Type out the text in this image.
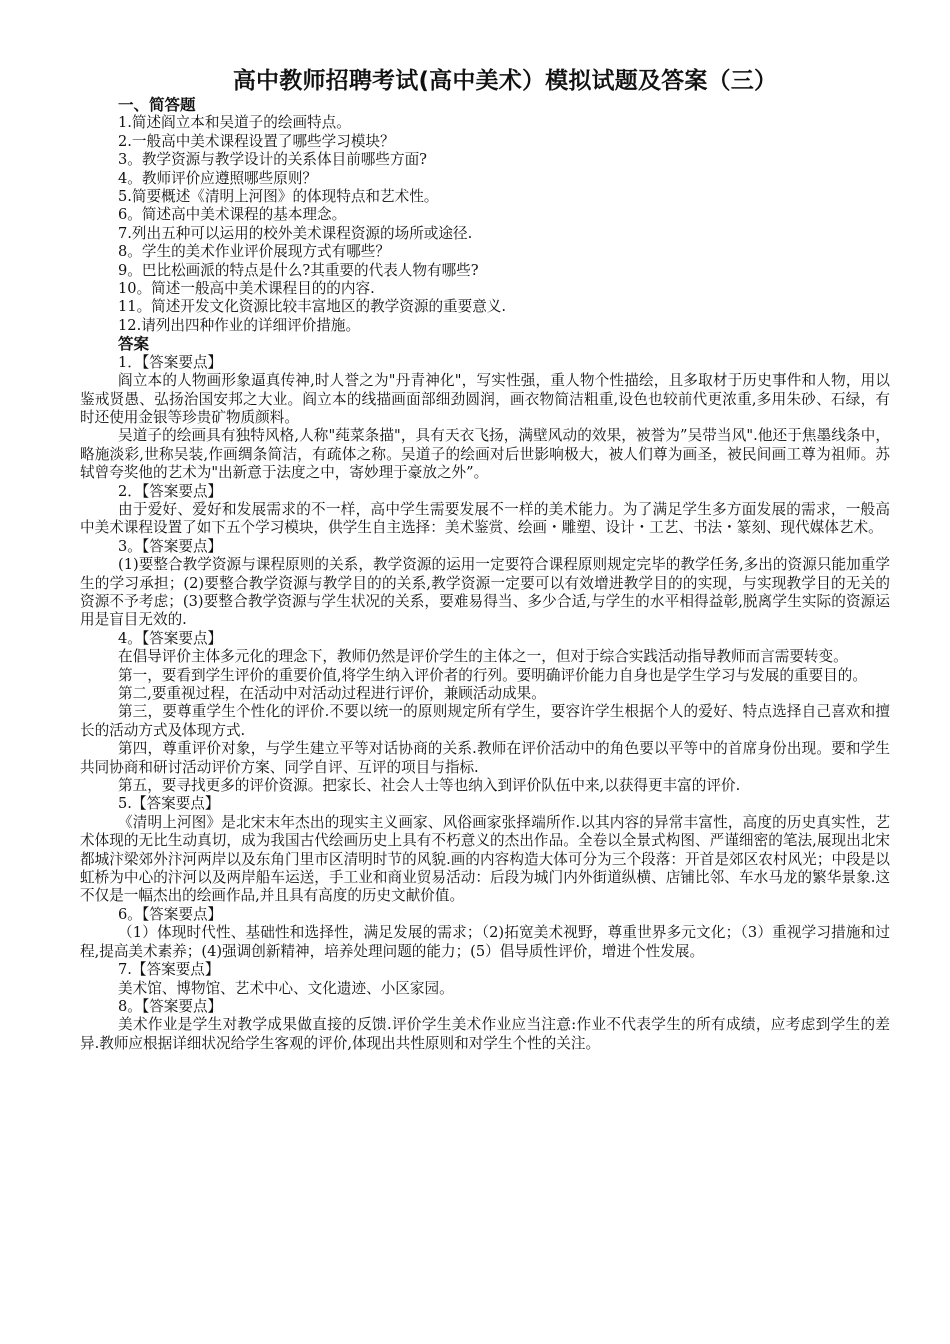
高中教师招聘考试(高中美术）模拟试题及答案（三）
一、简答题
1.简述阎立本和吴道子的绘画特点。
2.一般高中美术课程设置了哪些学习模块？
3。教学资源与教学设计的关系体目前哪些方面?
4。教师评价应遵照哪些原则？
5.简要概述《清明上河图》的体现特点和艺术性。
6。简述高中美术课程的基本理念。
7.列出五种可以运用的校外美术课程资源的场所或途径.
8。学生的美术作业评价展现方式有哪些？
9。巴比松画派的特点是什么?其重要的代表人物有哪些?
10。简述一般高中美术课程目的的内容.
11。简述开发文化资源比较丰富地区的教学资源的重要意义.
12.请列出四种作业的详细评价措施。
答案
1．【答案要点】

阎立本的人物画形象逼真传神,时人誉之为"丹青神化"，写实性强，重人物个性描绘，且多取材于历史事件和人物，用以鉴戒贤愚、弘扬治国安邦之大业。阎立本的线描画面部细劲圆润，画衣物简洁粗重,设色也较前代更浓重,多用朱砂、石绿，有时还使用金银等珍贵矿物质颜料。

吴道子的绘画具有独特风格,人称"莼菜条描"，具有天衣飞扬，满壁风动的效果，被誉为”吴带当风".他还于焦墨线条中，略施淡彩,世称吴装,作画绸条简洁，有疏体之称。吴道子的绘画对后世影响极大，被人们尊为画圣，被民间画工尊为祖师。苏轼曾夸奖他的艺术为"出新意于法度之中，寄妙理于豪放之外”。

2．【答案要点】

由于爱好、爱好和发展需求的不一样，高中学生需要发展不一样的美术能力。为了满足学生多方面发展的需求，一般高中美术课程设置了如下五个学习模块，供学生自主选择：美术鉴赏、绘画・雕塑、设计・工艺、书法・篆刻、现代媒体艺术。

3。【答案要点】

(1)要整合教学资源与课程原则的关系，教学资源的运用一定要符合课程原则规定完毕的教学任务,多出的资源只能加重学生的学习承担；(2)要整合教学资源与教学目的的关系,教学资源一定要可以有效增进教学目的的实现，与实现教学目的无关的资源不予考虑；(3)要整合教学资源与学生状况的关系，要难易得当、多少合适,与学生的水平相得益彰,脱离学生实际的资源运用是盲目无效的.

4。【答案要点】

在倡导评价主体多元化的理念下，教师仍然是评价学生的主体之一，但对于综合实践活动指导教师而言需要转变。

第一，要看到学生评价的重要价值,将学生纳入评价者的行列。要明确评价能力自身也是学生学习与发展的重要目的。

第二,要重视过程，在活动中对活动过程进行评价，兼顾活动成果。

第三，要尊重学生个性化的评价.不要以统一的原则规定所有学生，要容许学生根据个人的爱好、特点选择自己喜欢和擅长的活动方式及体现方式.

第四，尊重评价对象，与学生建立平等对话协商的关系.教师在评价活动中的角色要以平等中的首席身份出现。要和学生共同协商和研讨活动评价方案、同学自评、互评的项目与指标.

第五，要寻找更多的评价资源。把家长、社会人士等也纳入到评价队伍中来,以获得更丰富的评价.

5.【答案要点】

《清明上河图》是北宋末年杰出的现实主义画家、风俗画家张择端所作.以其内容的异常丰富性，高度的历史真实性，艺术体现的无比生动真切，成为我国古代绘画历史上具有不朽意义的杰出作品。全卷以全景式构图、严谨细密的笔法,展现出北宋都城汴梁郊外汴河两岸以及东角门里市区清明时节的风貌.画的内容构造大体可分为三个段落：开首是郊区农村风光；中段是以虹桥为中心的汴河以及两岸船车运送，手工业和商业贸易活动：后段为城门内外街道纵横、店铺比邻、车水马龙的繁华景象.这不仅是一幅杰出的绘画作品,并且具有高度的历史文献价值。

6。【答案要点】

（1）体现时代性、基础性和选择性，满足发展的需求；（2)拓宽美术视野，尊重世界多元文化；（3）重视学习措施和过程,提高美术素养；(4)强调创新精神，培养处理问题的能力；(5）倡导质性评价，增进个性发展。

7.【答案要点】

美术馆、博物馆、艺术中心、文化遗迹、小区家园。

8。【答案要点】

美术作业是学生对教学成果做直接的反馈.评价学生美术作业应当注意:作业不代表学生的所有成绩，应考虑到学生的差异.教师应根据详细状况给学生客观的评价,体现出共性原则和对学生个性的关注。
